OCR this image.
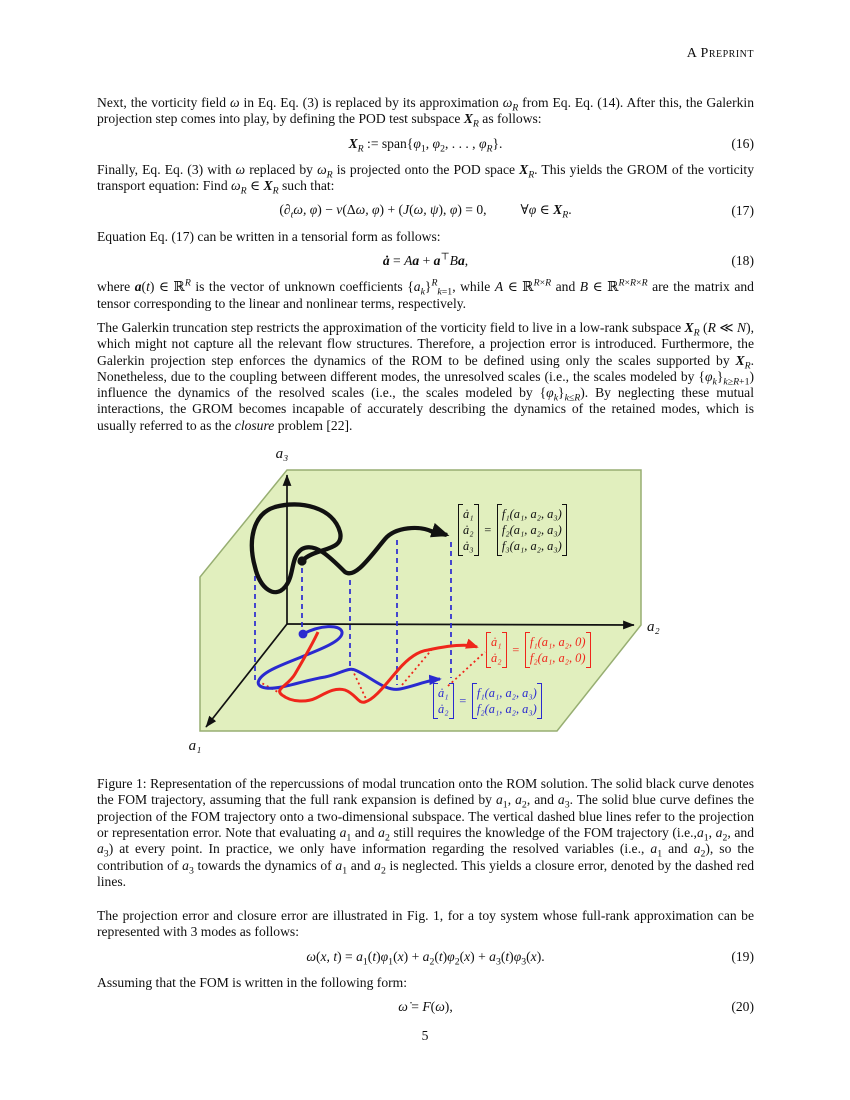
A Preprint

Next, the vorticity field ω in Eq. Eq. (3) is replaced by its approximation $\omega_R$ from Eq. Eq. (14). After this, the Galerkin projection step comes into play, by defining the POD test subspace $X_R$ as follows:

$X_R$ := $span\{\varphi_1$, $\varphi_2$, . . . , $\varphi_R$}.	(16)

Finally, Eq. Eq. (3) with ω replaced by $\omega_R$ is projected onto the POD space $X_R$. This yields the GROM of the vorticity transport equation: Find $\omega_R$ ∈ $X_R$ such that:

($\partial_t\omega$, φ) − ν(Δω, φ) + (J(ω, ψ), φ) = 0,   ∀φ ∈ $X_R$.	(17)

Equation Eq. (17) can be written in a tensorial form as follows:

ȧ = Aa + a⊤Ba,	(18)

where a(t) ∈ ℝ$^R$ is the vector of unknown coefficients $\{a_k\}^R_{k=1}$, while A ∈ ℝ$^{R\times R}$ and B ∈ ℝ$^{R\times R\times R}$ are the matrix and tensor corresponding to the linear and nonlinear terms, respectively.

The Galerkin truncation step restricts the approximation of the vorticity field to live in a low-rank subspace $X_R$ (R ≪ N), which might not capture all the relevant flow structures. Therefore, a projection error is introduced. Furthermore, the Galerkin projection step enforces the dynamics of the ROM to be defined using only the scales supported by $X_R$. Nonetheless, due to the coupling between different modes, the unresolved scales (i.e., the scales modeled by $\{\varphi_k\}_{k\ge R+1}$) influence the dynamics of the resolved scales (i.e., the scales modeled by $\{\varphi_k\}_{k\le R}$). By neglecting these mutual interactions, the GROM becomes incapable of accurately describing the dynamics of the retained modes, which is usually referred to as the closure problem [22].

a₃
a₂
a₁
ȧ₁
ȧ₂
ȧ₃
=
f₁(a₁, a₂, a₃)
f₂(a₁, a₂, a₃)
f₃(a₁, a₂, a₃)
ȧ₁
ȧ₂
=
f₁(a₁, a₂, 0)
f₂(a₁, a₂, 0)
ȧ₁
ȧ₂
=
f₁(a₁, a₂, a₃)
f₂(a₁, a₂, a₃)

Figure 1: Representation of the repercussions of modal truncation onto the ROM solution. The solid black curve denotes the FOM trajectory, assuming that the full rank expansion is defined by $a_1$, $a_2$, and $a_3$. The solid blue curve defines the projection of the FOM trajectory onto a two-dimensional subspace. The vertical dashed blue lines refer to the projection or representation error. Note that evaluating $a_1$ and $a_2$ still requires the knowledge of the FOM trajectory ($i.e.,a_1$, $a_2$, and $a_3$) at every point. In practice, we only have information regarding the resolved variables (i.e., $a_1$ and $a_2$), so the contribution of $a_3$ towards the dynamics of $a_1$ and $a_2$ is neglected. This yields a closure error, denoted by the dashed red lines.

The projection error and closure error are illustrated in Fig. 1, for a toy system whose full-rank approximation can be represented with 3 modes as follows:

ω(x, $t) = a_1(t)\varphi_1(x) + a_2(t)\varphi_2(x) + a_3(t)\varphi_3(x)$.	(19)

Assuming that the FOM is written in the following form:

ω̇ = F(ω),	(20)
5
